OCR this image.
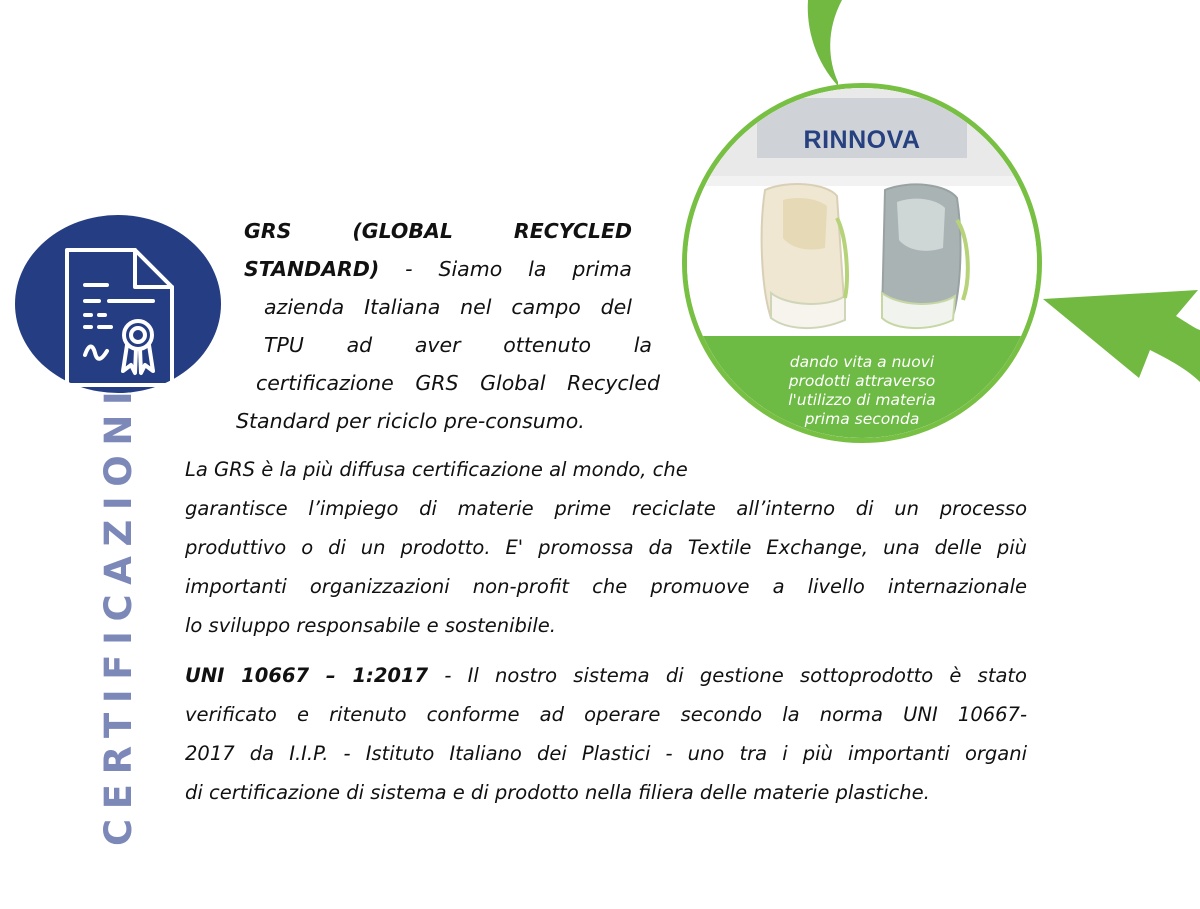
CERTIFICAZIONI
GRS (GLOBAL RECYCLED STANDARD) - Siamo la prima
azienda Italiana nel campo del
TPU ad aver ottenuto la
certificazione GRS Global Recycled
Standard per riciclo pre-consumo.
La GRS è la più diffusa certificazione al mondo, che
garantisce l’impiego di materie prime reciclate all’interno di un processo
produttivo o di un prodotto. E' promossa da Textile Exchange, una delle più
importanti organizzazioni non-profit che promuove a livello internazionale
lo sviluppo responsabile e sostenibile.
UNI 10667 – 1:2017 - Il nostro sistema di gestione sottoprodotto è stato
verificato e ritenuto conforme ad operare secondo la norma UNI 10667-
2017 da I.I.P. - Istituto Italiano dei Plastici - uno tra i più importanti organi
di certificazione di sistema e di prodotto nella filiera delle materie plastiche.
RINNOVA
dando vita a nuovi
prodotti attraverso
l'utilizzo di materia
prima seconda
